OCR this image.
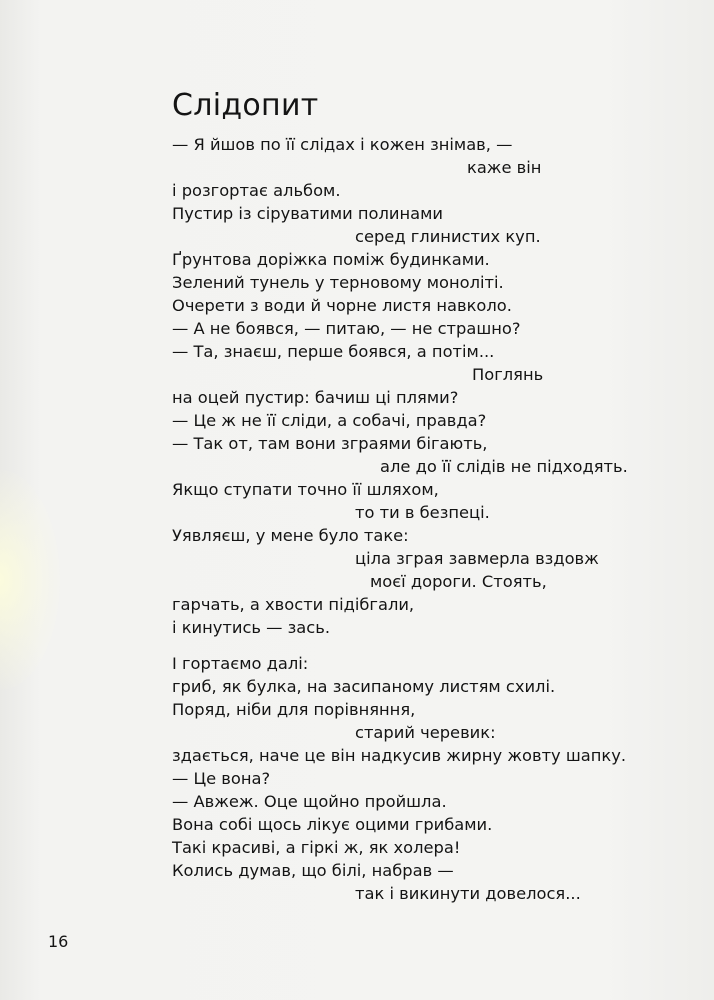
Слідопит
— Я йшов по її слідах і кожен знімав, —
каже він
і розгортає альбом.
Пустир із сіруватими полинами
серед глинистих куп.
Ґрунтова доріжка поміж будинками.
Зелений тунель у терновому моноліті.
Очерети з води й чорне листя навколо.
— А не боявся, — питаю, — не страшно?
— Та, знаєш, перше боявся, а потім...
Поглянь
на оцей пустир: бачиш ці плями?
— Це ж не її сліди, а собачі, правда?
— Так от, там вони зграями бігають,
але до її слідів не підходять.
Якщо ступати точно її шляхом,
то ти в безпеці.
Уявляєш, у мене було таке:
ціла зграя завмерла вздовж
моєї дороги. Стоять,
гарчать, а хвости підібгали,
і кинутись — зась.
І гортаємо далі:
гриб, як булка, на засипаному листям схилі.
Поряд, ніби для порівняння,
старий черевик:
здається, наче це він надкусив жирну жовту шапку.
— Це вона?
— Авжеж. Оце щойно пройшла.
Вона собі щось лікує оцими грибами.
Такі красиві, а гіркі ж, як холера!
Колись думав, що білі, набрав —
так і викинути довелося...
16
